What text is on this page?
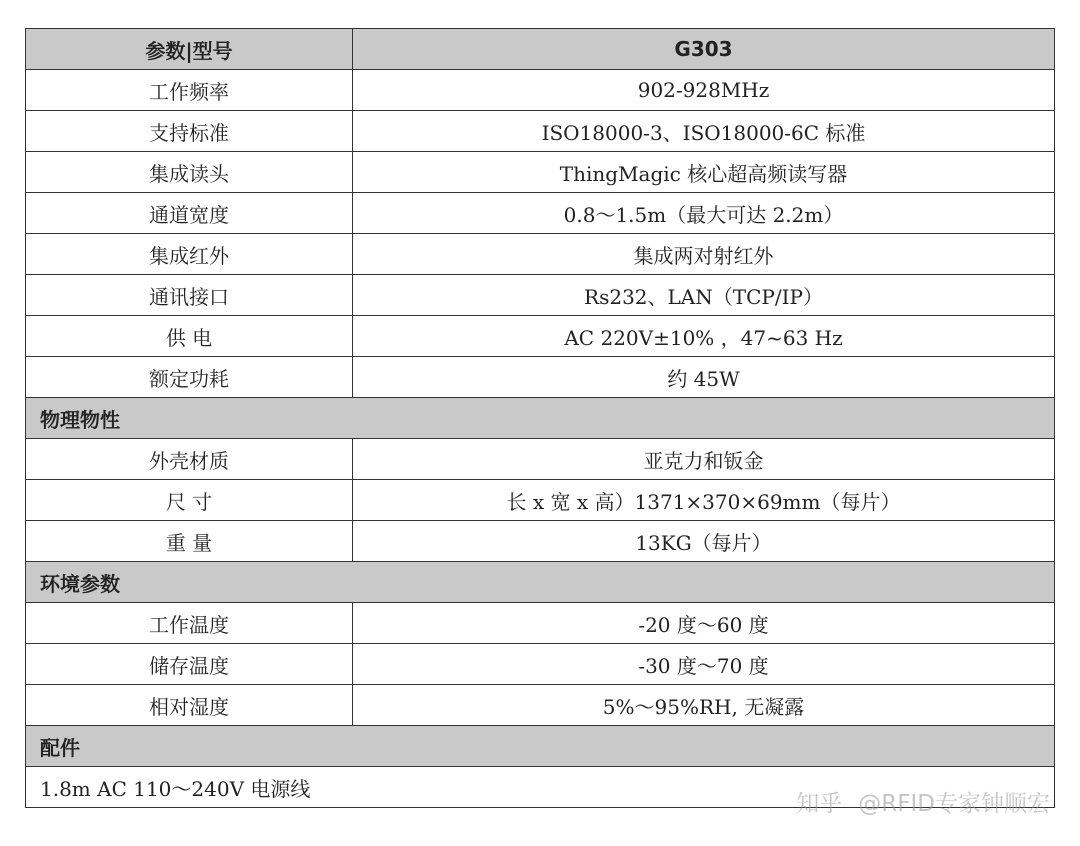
参数|型号	G303
工作频率	902-928MHz
支持标准	ISO18000-3、ISO18000-6C 标准
集成读头	ThingMagic 核心超高频读写器
通道宽度	0.8～1.5m（最大可达 2.2m）
集成红外	集成两对射红外
通讯接口	Rs232、LAN（TCP/IP）
供 电	AC 220V±10% ，47~63 Hz
额定功耗	约 45W
物理物性	
外壳材质	亚克力和钣金
尺 寸	长 x 宽 x 高）1371×370×69mm（每片）
重 量	13KG（每片）
环境参数	
工作温度	-20 度～60 度
储存温度	-30 度～70 度
相对湿度	5%～95%RH, 无凝露
配件	
1.8m AC 110～240V 电源线	
知乎 @RFID专家钟顺宏
